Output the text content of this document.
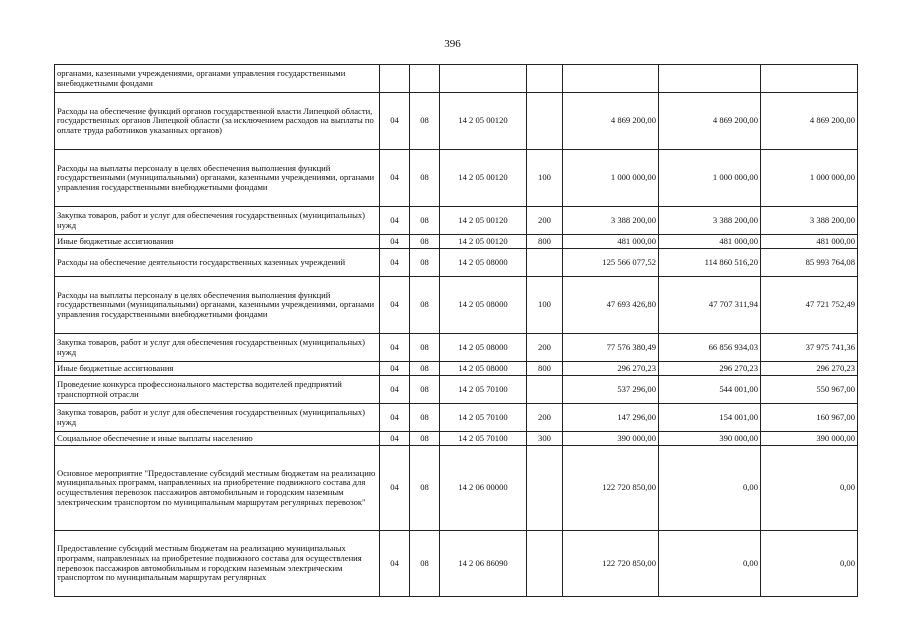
396
органами, казенными учреждениями, органами управления государственными внебюджетными фондами							
Расходы на обеспечение функций органов государственной власти Липецкой области, государственных органов Липецкой области (за исключением расходов на выплаты по оплате труда работников указанных органов)	04	08	14 2 05 00120		4 869 200,00	4 869 200,00	4 869 200,00
Расходы на выплаты персоналу в целях обеспечения выполнения функций государственными (муниципальными) органами, казенными учреждениями, органами управления государственными внебюджетными фондами	04	08	14 2 05 00120	100	1 000 000,00	1 000 000,00	1 000 000,00
Закупка товаров, работ и услуг для обеспечения государственных (муниципальных) нужд	04	08	14 2 05 00120	200	3 388 200,00	3 388 200,00	3 388 200,00
Иные бюджетные ассигнования	04	08	14 2 05 00120	800	481 000,00	481 000,00	481 000,00
Расходы на обеспечение деятельности государственных казенных учреждений	04	08	14 2 05 08000		125 566 077,52	114 860 516,20	85 993 764,08
Расходы на выплаты персоналу в целях обеспечения выполнения функций государственными (муниципальными) органами, казенными учреждениями, органами управления государственными внебюджетными фондами	04	08	14 2 05 08000	100	47 693 426,80	47 707 311,94	47 721 752,49
Закупка товаров, работ и услуг для обеспечения государственных (муниципальных) нужд	04	08	14 2 05 08000	200	77 576 380,49	66 856 934,03	37 975 741,36
Иные бюджетные ассигнования	04	08	14 2 05 08000	800	296 270,23	296 270,23	296 270,23
Проведение конкурса профессионального мастерства водителей предприятий транспортной отрасли	04	08	14 2 05 70100		537 296,00	544 001,00	550 967,00
Закупка товаров, работ и услуг для обеспечения государственных (муниципальных) нужд	04	08	14 2 05 70100	200	147 296,00	154 001,00	160 967,00
Социальное обеспечение и иные выплаты населению	04	08	14 2 05 70100	300	390 000,00	390 000,00	390 000,00
Основное мероприятие "Предоставление субсидий местным бюджетам на реализацию муниципальных программ, направленных на приобретение подвижного состава для осуществления перевозок пассажиров автомобильным и городским наземным электрическим транспортом по муниципальным маршрутам регулярных перевозок"	04	08	14 2 06 00000		122 720 850,00	0,00	0,00
Предоставление субсидий местным бюджетам на реализацию муниципальных программ, направленных на приобретение подвижного состава для осуществления перевозок пассажиров автомобильным и городским наземным электрическим транспортом по муниципальным маршрутам регулярных	04	08	14 2 06 86090		122 720 850,00	0,00	0,00
